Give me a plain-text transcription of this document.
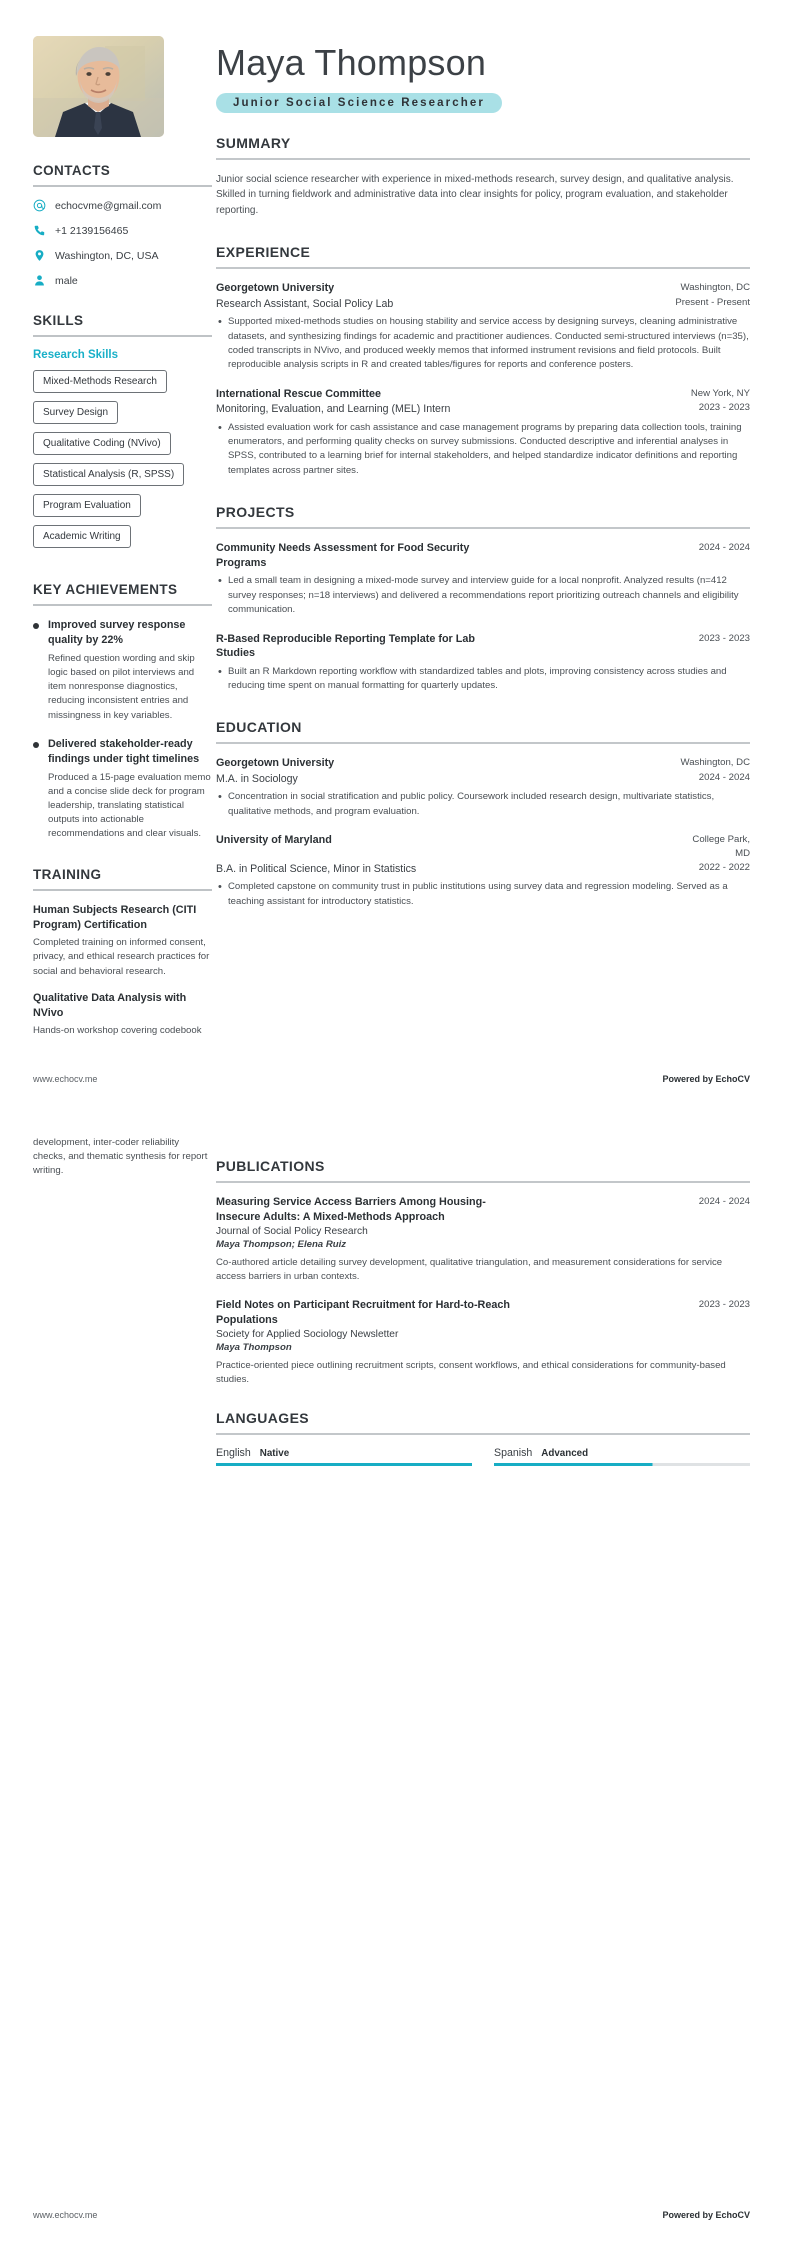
CONTACTS
echocvme@gmail.com
+1 2139156465
Washington, DC, USA
male
SKILLS
Research Skills
Mixed-Methods Research
Survey Design
Qualitative Coding (NVivo)
Statistical Analysis (R, SPSS)
Program Evaluation
Academic Writing
KEY ACHIEVEMENTS
Improved survey response quality by 22%
Refined question wording and skip logic based on pilot interviews and item nonresponse diagnostics, reducing inconsistent entries and missingness in key variables.
Delivered stakeholder-ready findings under tight timelines
Produced a 15-page evaluation memo and a concise slide deck for program leadership, translating statistical outputs into actionable recommendations and clear visuals.
TRAINING
Human Subjects Research (CITI Program) Certification
Completed training on informed consent, privacy, and ethical research practices for social and behavioral research.
Qualitative Data Analysis with NVivo
Hands-on workshop covering codebook
Maya Thompson
Junior Social Science Researcher
SUMMARY

Junior social science researcher with experience in mixed-methods research, survey design, and qualitative analysis. Skilled in turning fieldwork and administrative data into clear insights for policy, program evaluation, and stakeholder reporting.

EXPERIENCE
Georgetown University	Washington, DC
Research Assistant, Social Policy Lab	Present - Present
• Supported mixed-methods studies on housing stability and service access by designing surveys, cleaning administrative datasets, and synthesizing findings for academic and practitioner audiences. Conducted semi-structured interviews (n=35), coded transcripts in NVivo, and produced weekly memos that informed instrument revisions and field protocols. Built reproducible analysis scripts in R and created tables/figures for reports and conference posters.
International Rescue Committee	New York, NY
Monitoring, Evaluation, and Learning (MEL) Intern	2023 - 2023
• Assisted evaluation work for cash assistance and case management programs by preparing data collection tools, training enumerators, and performing quality checks on survey submissions. Conducted descriptive and inferential analyses in SPSS, contributed to a learning brief for internal stakeholders, and helped standardize indicator definitions and reporting templates across partner sites.
PROJECTS
Community Needs Assessment for Food Security Programs
2024 - 2024
• Led a small team in designing a mixed-mode survey and interview guide for a local nonprofit. Analyzed results (n=412 survey responses; n=18 interviews) and delivered a recommendations report prioritizing outreach channels and eligibility communication.
R-Based Reproducible Reporting Template for Lab Studies
2023 - 2023
• Built an R Markdown reporting workflow with standardized tables and plots, improving consistency across studies and reducing time spent on manual formatting for quarterly updates.
EDUCATION
Georgetown University	Washington, DC
M.A. in Sociology	2024 - 2024
• Concentration in social stratification and public policy. Coursework included research design, multivariate statistics, qualitative methods, and program evaluation.
University of Maryland	College Park, MD
B.A. in Political Science, Minor in Statistics	2022 - 2022
• Completed capstone on community trust in public institutions using survey data and regression modeling. Served as a teaching assistant for introductory statistics.
www.echocv.me	Powered by EchoCV
development, inter-coder reliability checks, and thematic synthesis for report writing.	PUBLICATIONS
Measuring Service Access Barriers Among Housing-Insecure Adults: A Mixed-Methods Approach
2024 - 2024
Journal of Social Policy Research
Maya Thompson; Elena Ruiz
Co-authored article detailing survey development, qualitative triangulation, and measurement considerations for service access barriers in urban contexts.
Field Notes on Participant Recruitment for Hard-to-Reach Populations
2023 - 2023
Society for Applied Sociology Newsletter
Maya Thompson
Practice-oriented piece outlining recruitment scripts, consent workflows, and ethical considerations for community-based studies.
LANGUAGES
English Native	Spanish Advanced
www.echocv.me	Powered by EchoCV
